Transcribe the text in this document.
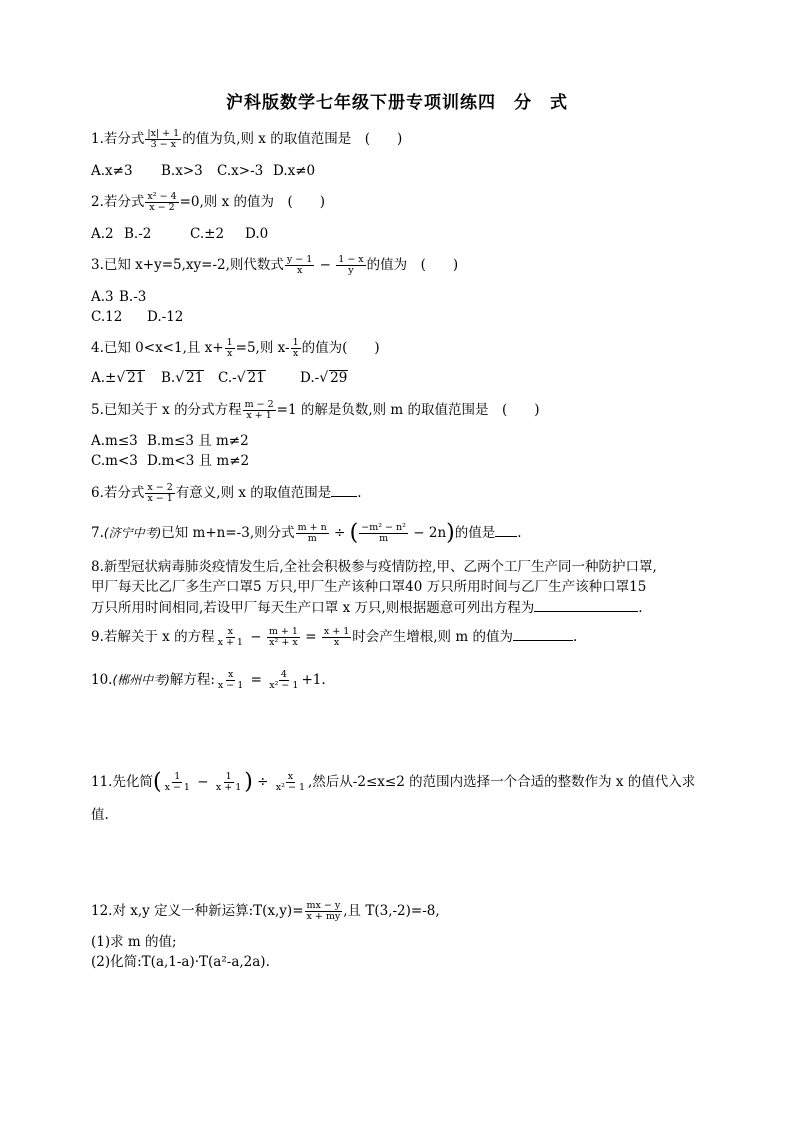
沪科版数学七年级下册专项训练四　分　式
1.若分式 $\frac{|x| + 1}{3 - x}$ 的值为负,则 x 的取值范围是　(　　)
A.x≠3 B.x>3 C.x>-3 D.x≠0
2.若分式 $\frac{\text{x² − 4}}{x - 2} =0$,则 x 的值为　(　　)
A.2 B.-2	C.±2 D.0
3.已知 x+y=5,xy=-2,则代数式 $\frac{y - 1}{x} - \frac{1 - x}{y}$ 的值为　(　　)
A.3 B.-3
C.12 D.-12
4.已知 0<x<1,且 $x+ \frac{1}{x} =5$,则 $x- \frac{1}{x}$ 的值为(　　)
A.±√ 21 B.√ 21 C.-√ 21	D.-√ 29
5.已知关于 x 的分式方程 $\frac{m - 2}{x + 1} =1$ 的解是负数,则 m 的取值范围是　(　　)
A.m≤3 B.m≤3 且 m≠2
C.m<3 D.m<3 且 m≠2
6.若分式 $\frac{x - 2}{x - 1}$ 有意义,则 x 的取值范围是 .
7.(济宁中考)已知 m+n=-3,则分式 $\frac{m + n}{m}$ ÷ ( $\frac{\text{−m² − n²}}{m} - 2n$)的值是 .
8.新型冠状病毒肺炎疫情发生后,全社会积极参与疫情防控,甲、乙两个工厂生产同一种防护口罩,
甲厂每天比乙厂多生产口罩5 万只,甲厂生产该种口罩40 万只所用时间与乙厂生产该种口罩15
万只所用时间相同,若设甲厂每天生产口罩 x 万只,则根据题意可列出方程为	.
9.若解关于 x 的方程 $\frac{x}{x + 1} - \frac{m + 1}{\text{x² + x}} = \frac{x + 1}{x}$ 时会产生增根,则 m 的值为	.
10.(郴州中考)解方程: $\frac{x}{x - 1} = \frac{4}{\text{x² − 1}} +1$.
11.先化简( $\frac{1}{x - 1} - \frac{1}{x + 1}$ ) ÷ $\frac{x}{\text{x² − 1}}$ ,然后从-2≤x≤2 的范围内选择一个合适的整数作为 x 的值代入求
值.
12.对 x,y 定义一种新运算:T(x,y)= $\frac{mx - y}{x + my}$ ,且 T(3,-2)=-8,
(1)求 m 的值;
(2)化简:T(a,1-a)·T(a²-a,2a).
